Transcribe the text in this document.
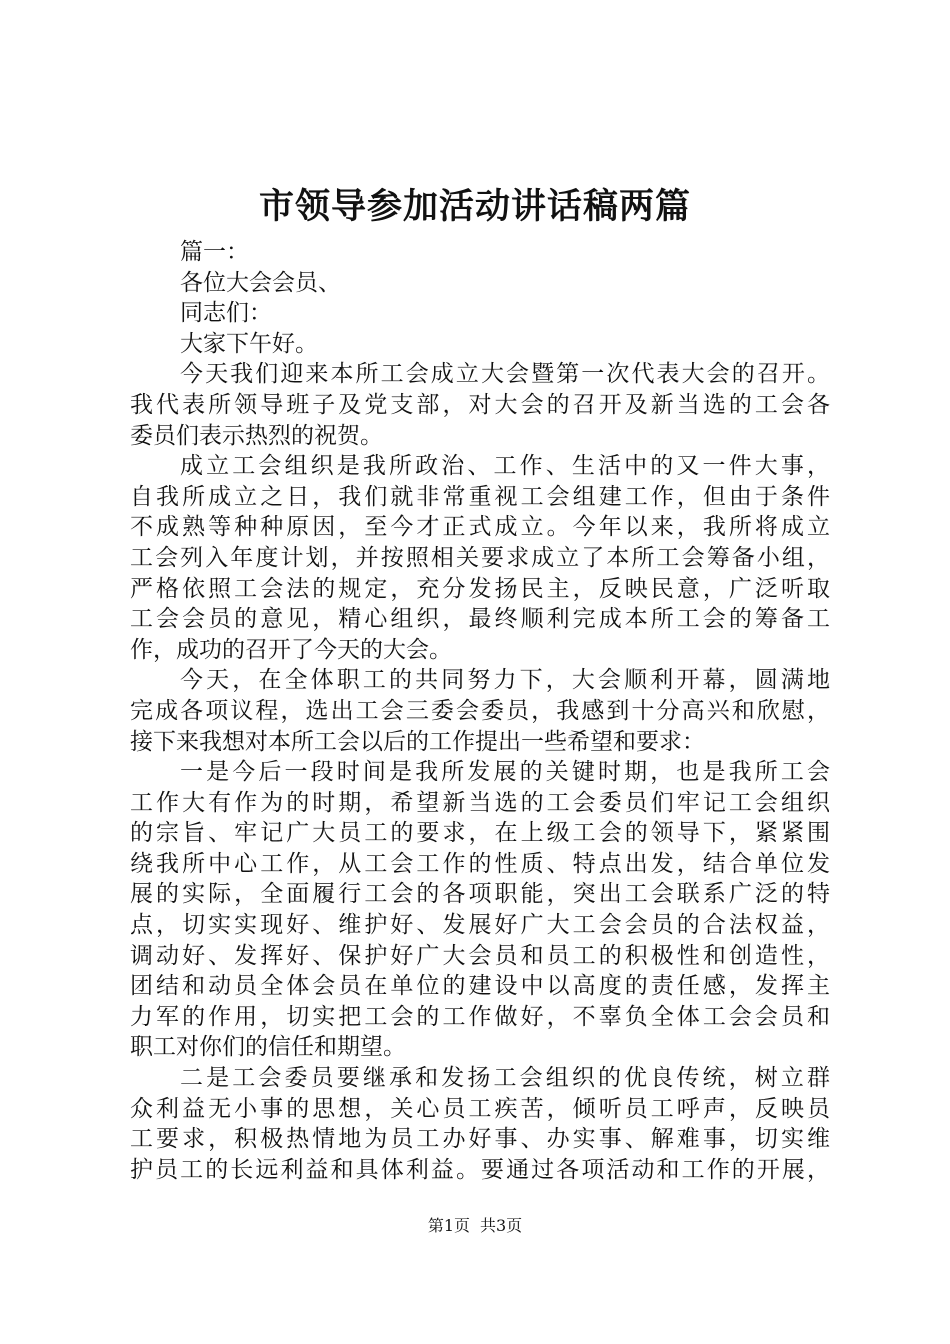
市领导参加活动讲话稿两篇
篇一：
各位大会会员、
同志们：
大家下午好。
今天我们迎来本所工会成立大会暨第一次代表大会的召开。
我代表所领导班子及党支部，对大会的召开及新当选的工会各
委员们表示热烈的祝贺。
成立工会组织是我所政治、工作、生活中的又一件大事，
自我所成立之日，我们就非常重视工会组建工作，但由于条件
不成熟等种种原因，至今才正式成立。今年以来，我所将成立
工会列入年度计划，并按照相关要求成立了本所工会筹备小组，
严格依照工会法的规定，充分发扬民主，反映民意，广泛听取
工会会员的意见，精心组织，最终顺利完成本所工会的筹备工
作，成功的召开了今天的大会。
今天，在全体职工的共同努力下，大会顺利开幕，圆满地
完成各项议程，选出工会三委会委员，我感到十分高兴和欣慰，
接下来我想对本所工会以后的工作提出一些希望和要求：
一是今后一段时间是我所发展的关键时期，也是我所工会
工作大有作为的时期，希望新当选的工会委员们牢记工会组织
的宗旨、牢记广大员工的要求，在上级工会的领导下，紧紧围
绕我所中心工作，从工会工作的性质、特点出发，结合单位发
展的实际，全面履行工会的各项职能，突出工会联系广泛的特
点，切实实现好、维护好、发展好广大工会会员的合法权益，
调动好、发挥好、保护好广大会员和员工的积极性和创造性，
团结和动员全体会员在单位的建设中以高度的责任感，发挥主
力军的作用，切实把工会的工作做好，不辜负全体工会会员和
职工对你们的信任和期望。
二是工会委员要继承和发扬工会组织的优良传统，树立群
众利益无小事的思想，关心员工疾苦，倾听员工呼声，反映员
工要求，积极热情地为员工办好事、办实事、解难事，切实维
护员工的长远利益和具体利益。要通过各项活动和工作的开展，
第1页 共3页
